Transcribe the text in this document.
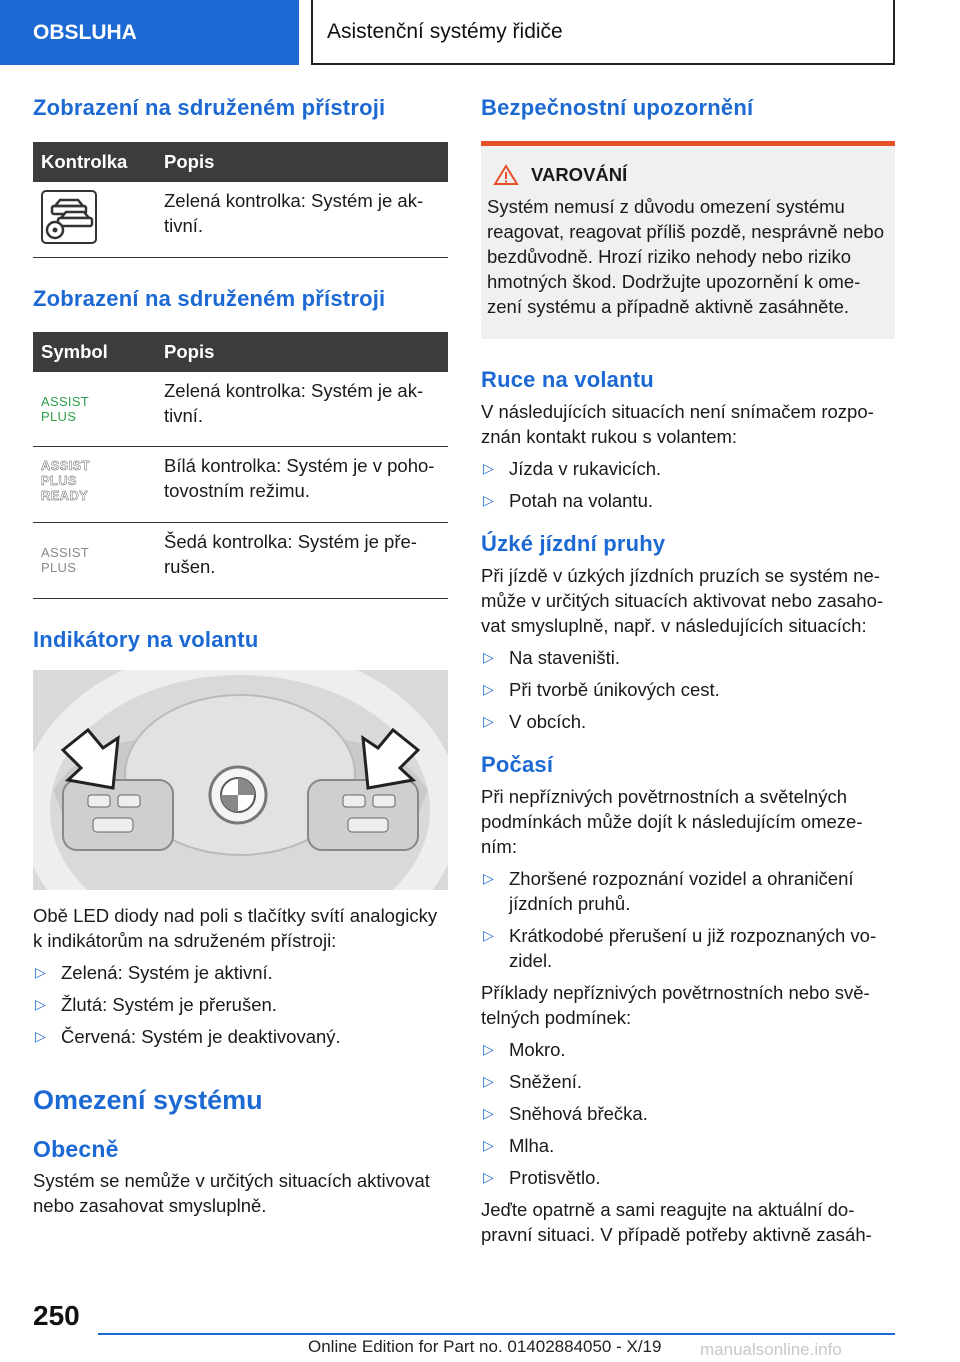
OBSLUHA	Asistenční systémy řidiče
Zobrazení na sdruženém přístroji
Kontrolka	Popis
	Zelená kontrolka: Systém je ak-tivní.
Zobrazení na sdruženém přístroji
Symbol	Popis

ASSIST
PLUS	Zelená kontrolka: Systém je ak-tivní.

ASSIST
PLUS
READY	Bílá kontrolka: Systém je v poho-tovostním režimu.

ASSIST
PLUS	Šedá kontrolka: Systém je pře-rušen.
Indikátory na volantu

Obě LED diody nad poli s tlačítky svítí analogicky k indikátorům na sdruženém přístroji:

▷ Zelená: Systém je aktivní.
▷ Žlutá: Systém je přerušen.
▷ Červená: Systém je deaktivovaný.
Omezení systému
Obecně

Systém se nemůže v určitých situacích aktivovat nebo zasahovat smysluplně.

Bezpečnostní upozornění
VAROVÁNÍ

Systém nemusí z důvodu omezení systému reagovat, reagovat příliš pozdě, nesprávně nebo bezdůvodně. Hrozí riziko nehody nebo riziko hmotných škod. Dodržujte upozornění k ome-zení systému a případně aktivně zasáhněte.

Ruce na volantu

V následujících situacích není snímačem rozpo-znán kontakt rukou s volantem:

▷ Jízda v rukavicích.
▷ Potah na volantu.
Úzké jízdní pruhy

Při jízdě v úzkých jízdních pruzích se systém ne-může v určitých situacích aktivovat nebo zasaho-vat smysluplně, např. v následujících situacích:

▷ Na staveništi.
▷ Při tvorbě únikových cest.
▷ V obcích.
Počasí

Při nepříznivých povětrnostních a světelných podmínkách může dojít k následujícím omeze-ním:

▷ Zhoršené rozpoznání vozidel a ohraničení jízdních pruhů.
▷ Krátkodobé přerušení u již rozpoznaných vo-zidel.

Příklady nepříznivých povětrnostních nebo svě-telných podmínek:

▷ Mokro.
▷ Sněžení.
▷ Sněhová břečka.
▷ Mlha.
▷ Protisvětlo.

Jeďte opatrně a sami reagujte na aktuální do-pravní situaci. V případě potřeby aktivně zasáh-

250
Online Edition for Part no. 01402884050 - X/19 manualsonline.info
